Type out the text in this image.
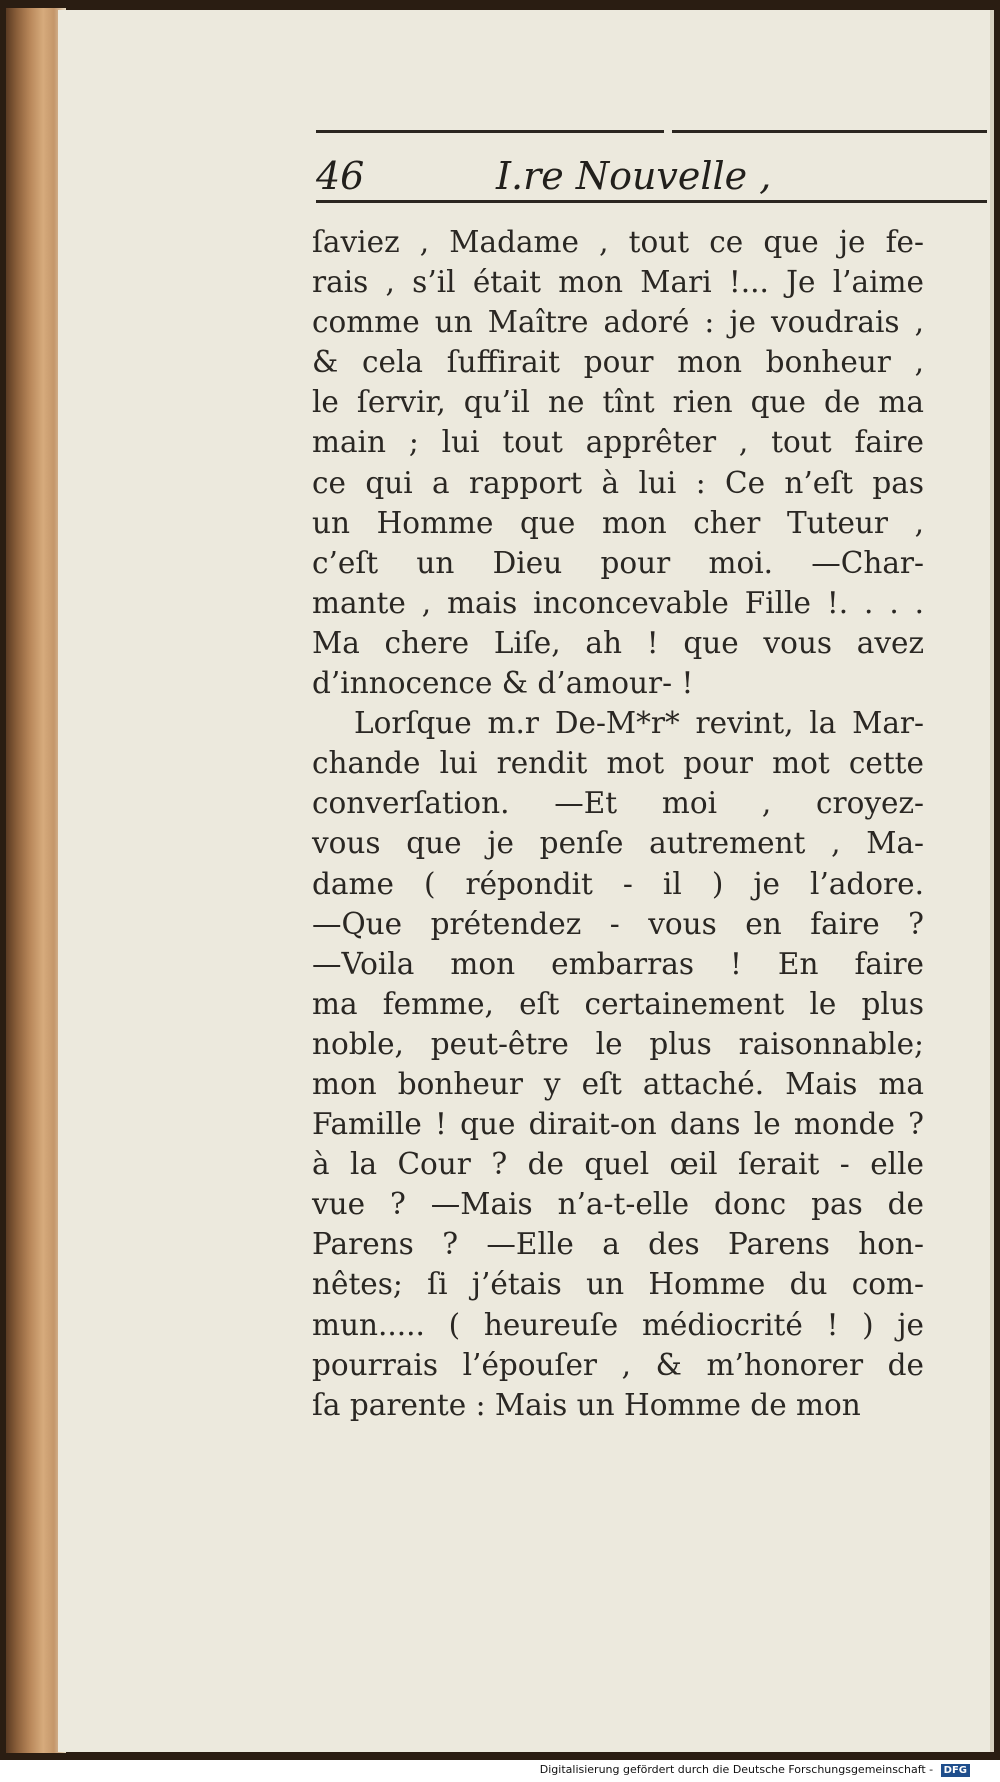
46	I.re Nouvelle ,
ſaviez , Madame , tout ce que je fe-
rais , s’il était mon Mari !... Je l’aime
comme un Maître adoré : je voudrais ,
& cela ſuffirait pour mon bonheur ,
le ſervir, qu’il ne tînt rien que de ma
main ; lui tout apprêter , tout faire
ce qui a rapport à lui : Ce n’eſt pas
un Homme que mon cher Tuteur ,
c’eſt un Dieu pour moi. —Char-
mante , mais inconcevable Fille !. . . .
Ma chere Liſe, ah ! que vous avez
d’innocence & d’amour- !
Lorſque m.r De-M*r* revint, la Mar-
chande lui rendit mot pour mot cette
converſation. —Et moi , croyez-
vous que je penſe autrement , Ma-
dame ( répondit - il ) je l’adore.
—Que prétendez - vous en faire ?
—Voila mon embarras ! En faire
ma femme, eſt certainement le plus
noble, peut-être le plus raisonnable;
mon bonheur y eſt attaché. Mais ma
Famille ! que dirait-on dans le monde ?
à la Cour ? de quel œil ſerait - elle
vue ? —Mais n’a-t-elle donc pas de
Parens ? —Elle a des Parens hon-
nêtes; ſi j’étais un Homme du com-
mun..... ( heureuſe médiocrité ! ) je
pourrais l’épouſer , & m’honorer de
ſa parente : Mais un Homme de mon
Digitalisierung gefördert durch die Deutsche Forschungsgemeinschaft - DFG
